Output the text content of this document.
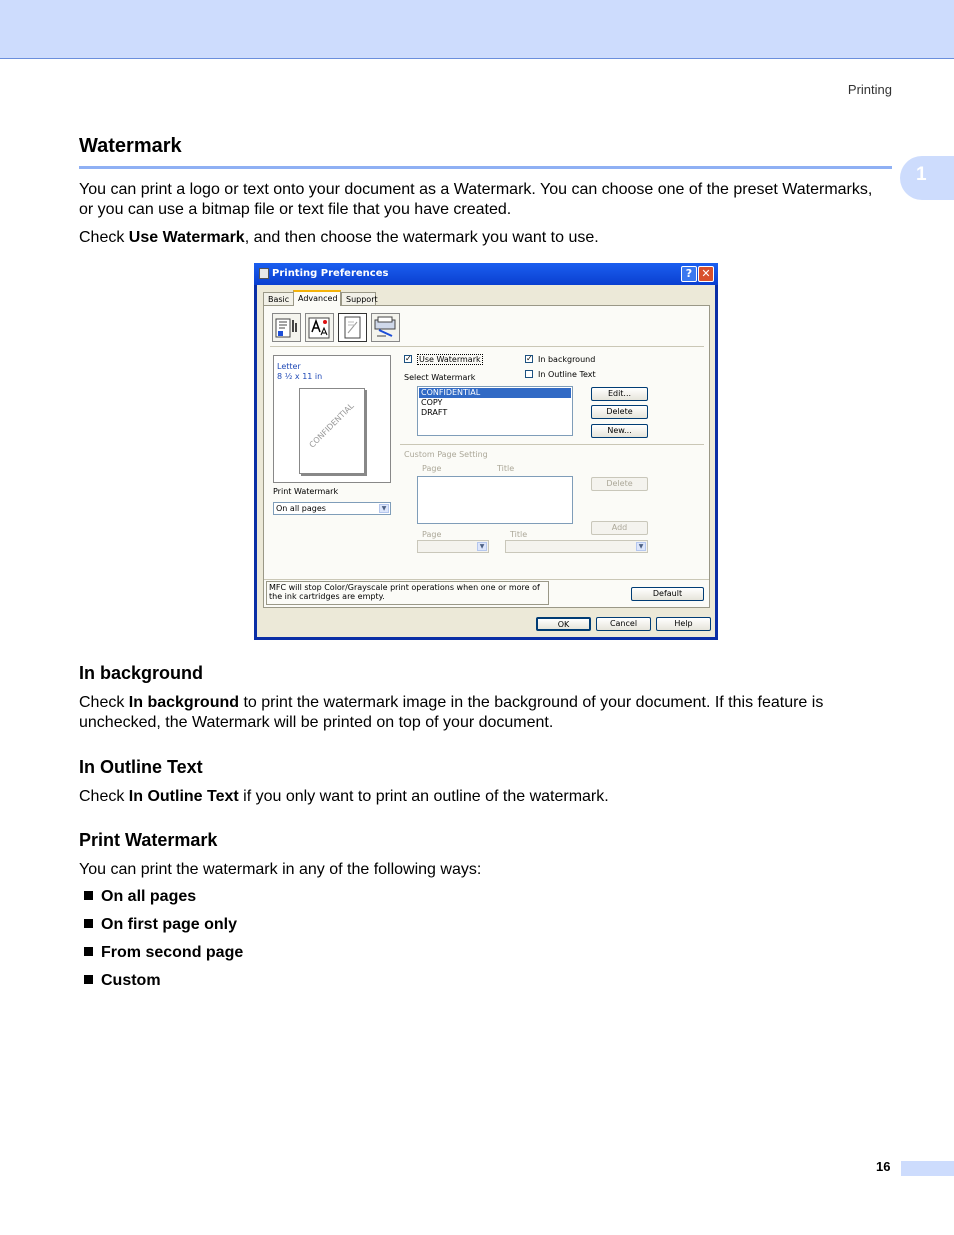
Printing
1
Watermark
You can print a logo or text onto your document as a Watermark. You can choose one of the preset Watermarks, or you can use a bitmap file or text file that you have created.
Check Use Watermark, and then choose the watermark you want to use.
Printing Preferences	? ✕
Basic	Advanced	Support
Letter
8 ½ x 11 in
CONFIDENTIAL
Print Watermark
On all pages	▼
✓ Use Watermark	✓ In background
In Outline Text
Select Watermark
CONFIDENTIAL
COPY
DRAFT
Edit...
Delete
New...
Custom Page Setting
Page	Title
Delete
Add
Page	Title
▼	▼
MFC will stop Color/Grayscale print operations when one or more of the ink cartridges are empty.	Default
OK	Cancel	Help
In background
Check In background to print the watermark image in the background of your document. If this feature is unchecked, the Watermark will be printed on top of your document.
In Outline Text
Check In Outline Text if you only want to print an outline of the watermark.
Print Watermark
You can print the watermark in any of the following ways:
On all pages
On first page only
From second page
Custom
16
